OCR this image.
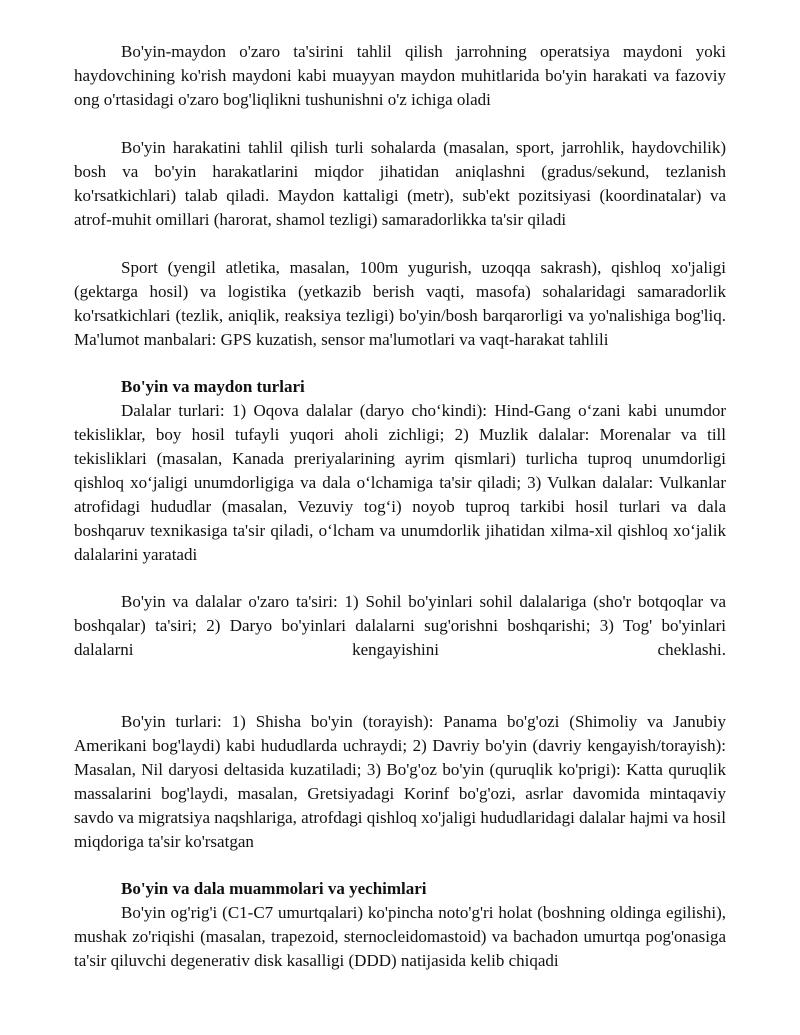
Bo'yin-maydon o'zaro ta'sirini tahlil qilish jarrohning operatsiya maydoni yoki haydovchining ko'rish maydoni kabi muayyan maydon muhitlarida bo'yin harakati va fazoviy ong o'rtasidagi o'zaro bog'liqlikni tushunishni o'z ichiga oladi

Bo'yin harakatini tahlil qilish turli sohalarda (masalan, sport, jarrohlik, haydovchilik) bosh va bo'yin harakatlarini miqdor jihatidan aniqlashni (gradus/sekund, tezlanish ko'rsatkichlari) talab qiladi. Maydon kattaligi (metr), sub'ekt pozitsiyasi (koordinatalar) va atrof-muhit omillari (harorat, shamol tezligi) samaradorlikka ta'sir qiladi

Sport (yengil atletika, masalan, 100m yugurish, uzoqqa sakrash), qishloq xo'jaligi (gektarga hosil) va logistika (yetkazib berish vaqti, masofa) sohalaridagi samaradorlik ko'rsatkichlari (tezlik, aniqlik, reaksiya tezligi) bo'yin/bosh barqarorligi va yo'nalishiga bog'liq. Ma'lumot manbalari: GPS kuzatish, sensor ma'lumotlari va vaqt-harakat tahlili

Bo'yin va maydon turlari

Dalalar turlari: 1) Oqova dalalar (daryo cho‘kindi): Hind-Gang o‘zani kabi unumdor tekisliklar, boy hosil tufayli yuqori aholi zichligi; 2) Muzlik dalalar: Morenalar va till tekisliklari (masalan, Kanada preriyalarining ayrim qismlari) turlicha tuproq unumdorligi qishloq xo‘jaligi unumdorligiga va dala o‘lchamiga ta'sir qiladi; 3) Vulkan dalalar: Vulkanlar atrofidagi hududlar (masalan, Vezuviy tog‘i) noyob tuproq tarkibi hosil turlari va dala boshqaruv texnikasiga ta'sir qiladi, o‘lcham va unumdorlik jihatidan xilma-xil qishloq xo‘jalik dalalarini yaratadi

Bo'yin va dalalar o'zaro ta'siri: 1) Sohil bo'yinlari sohil dalalariga (sho'r botqoqlar va boshqalar) ta'siri; 2) Daryo bo'yinlari dalalarni sug'orishni boshqarishi; 3) Tog' bo'yinlari dalalarni kengayishini cheklashi.

Bo'yin turlari: 1) Shisha bo'yin (torayish): Panama bo'g'ozi (Shimoliy va Janubiy Amerikani bog'laydi) kabi hududlarda uchraydi; 2) Davriy bo'yin (davriy kengayish/torayish): Masalan, Nil daryosi deltasida kuzatiladi; 3) Bo'g'oz bo'yin (quruqlik ko'prigi): Katta quruqlik massalarini bog'laydi, masalan, Gretsiyadagi Korinf bo'g'ozi, asrlar davomida mintaqaviy savdo va migratsiya naqshlariga, atrofdagi qishloq xo'jaligi hududlaridagi dalalar hajmi va hosil miqdoriga ta'sir ko'rsatgan

Bo'yin va dala muammolari va yechimlari

Bo'yin og'rig'i (C1-C7 umurtqalari) ko'pincha noto'g'ri holat (boshning oldinga egilishi), mushak zo'riqishi (masalan, trapezoid, sternocleidomastoid) va bachadon umurtqa pog'onasiga ta'sir qiluvchi degenerativ disk kasalligi (DDD) natijasida kelib chiqadi
